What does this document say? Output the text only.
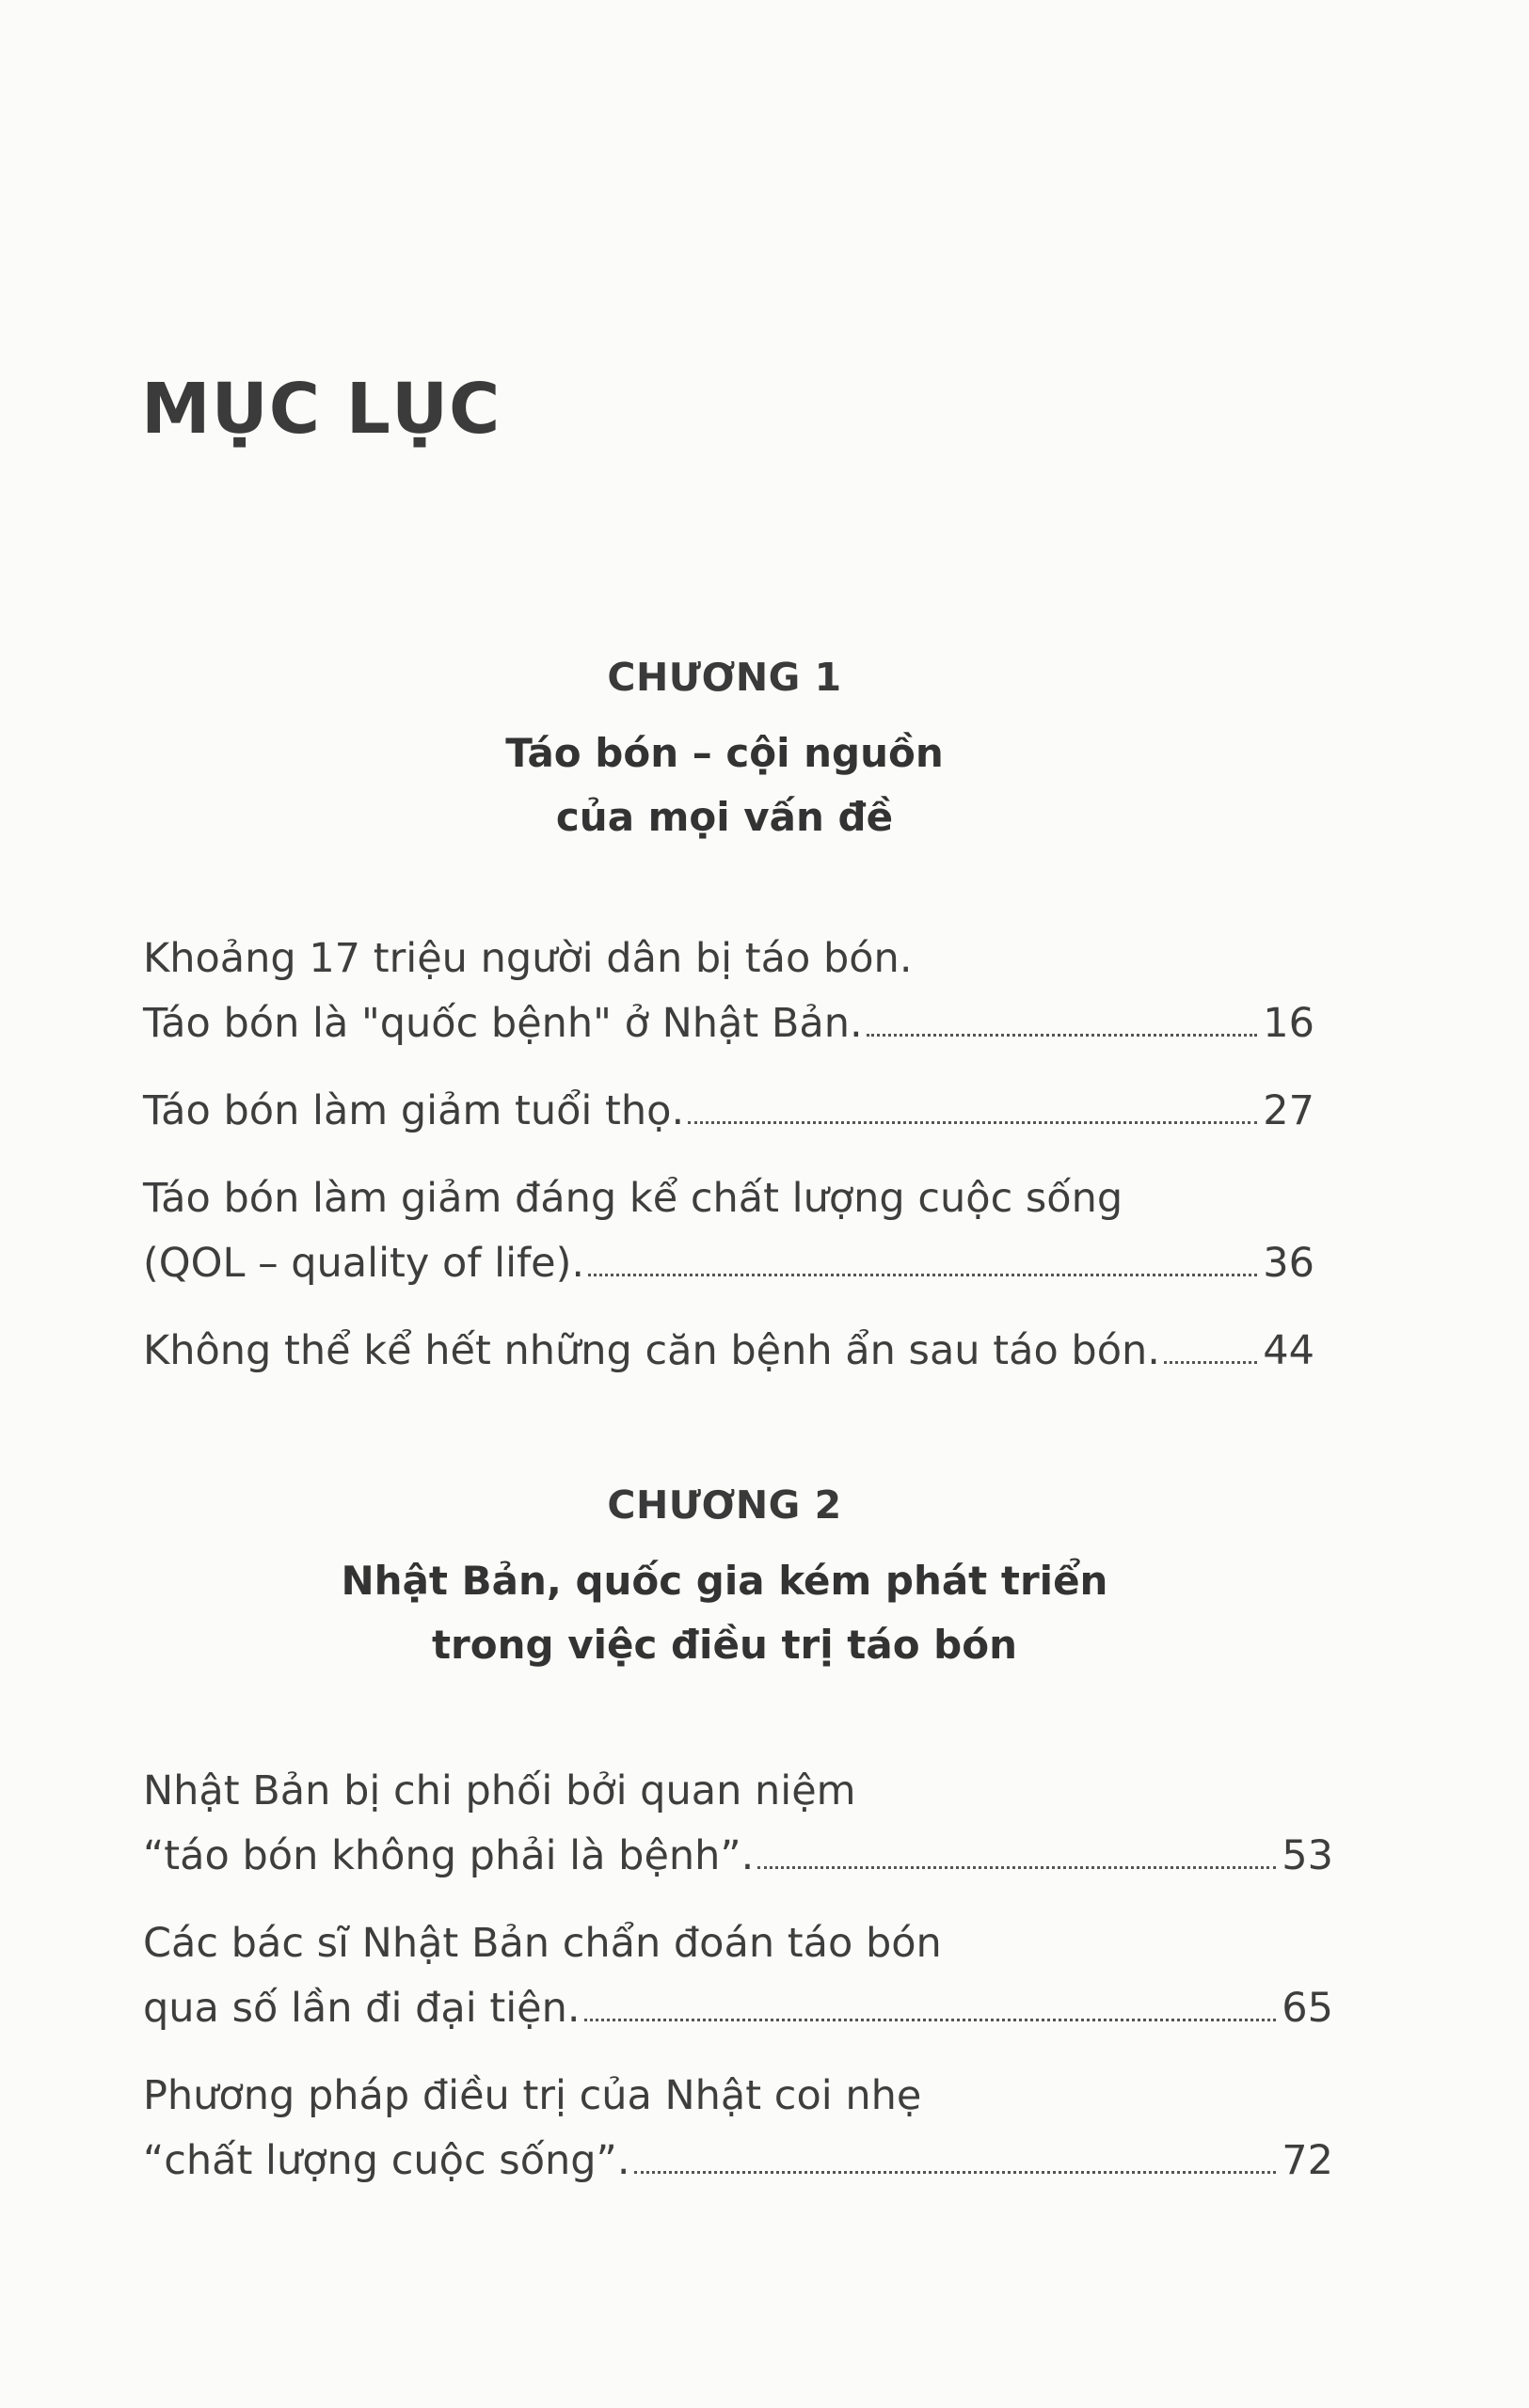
MỤC LỤC
CHƯƠNG 1
Táo bón – cội nguồn
của mọi vấn đề
Khoảng 17 triệu người dân bị táo bón.
Táo bón là "quốc bệnh" ở Nhật Bản.	16
Táo bón làm giảm tuổi thọ.	27
Táo bón làm giảm đáng kể chất lượng cuộc sống
(QOL – quality of life).	36
Không thể kể hết những căn bệnh ẩn sau táo bón.	44
CHƯƠNG 2
Nhật Bản, quốc gia kém phát triển
trong việc điều trị táo bón
Nhật Bản bị chi phối bởi quan niệm
“táo bón không phải là bệnh”.	53
Các bác sĩ Nhật Bản chẩn đoán táo bón
qua số lần đi đại tiện.	65
Phương pháp điều trị của Nhật coi nhẹ
“chất lượng cuộc sống”.	72
